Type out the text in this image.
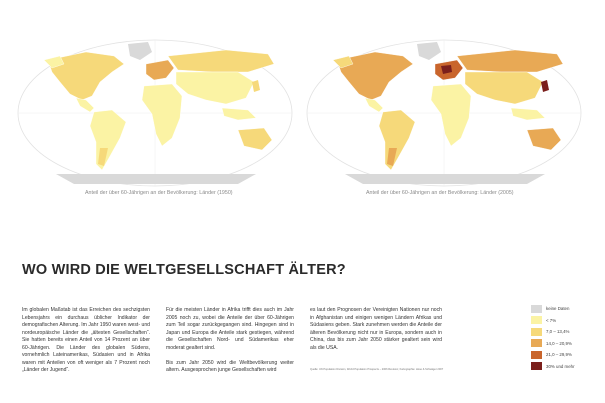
Anteil der über 60-Jährigen an der Bevölkerung: Länder (1950)	Anteil der über 60-Jährigen an der Bevölkerung: Länder (2005)
WO WIRD DIE WELTGESELLSCHAFT ÄLTER?
Im globalen Maßstab ist das Erreichen des sechzigsten Lebensjahrs ein durchaus üblicher Indikator der demografischen Alterung. Im Jahr 1950 waren west- und nordeuropäische Länder die „ältesten Gesellschaften“. Sie hatten bereits einen Anteil von 14 Prozent an über 60-Jährigen. Die Länder des globalen Südens, vornehmlich Lateinamerikas, Südasien und in Afrika waren mit Anteilen von oft weniger als 7 Prozent noch „Länder der Jugend“.
Für die meisten Länder in Afrika trifft dies auch im Jahr 2005 noch zu, wobei die Anteile der über 60-Jährigen zum Teil sogar zurückgegangen sind. Hingegen sind in Japan und Europa die Anteile stark gestiegen, während die Gesellschaften Nord- und Südamerikas eher moderat gealtert sind.
Bis zum Jahr 2050 wird die Weltbevölkerung weiter altern. Ausgesprochen junge Gesellschaften wird
es laut den Prognosen der Vereinigten Nationen nur noch in Afghanistan und einigen wenigen Ländern Afrikas und Südasiens geben. Stark zunehmen werden die Anteile der älteren Bevölkerung nicht nur in Europa, sondern auch in China, das bis zum Jahr 2050 stärker gealtert sein wird als die USA.
Quelle: UN Population Division, World Population Prospects – 2006 Revision; Kartographie: Hose & Schwäger 2007
keine Daten
< 7%
7,0 – 13,4%
14,0 – 20,9%
21,0 – 29,9%
30% und mehr
